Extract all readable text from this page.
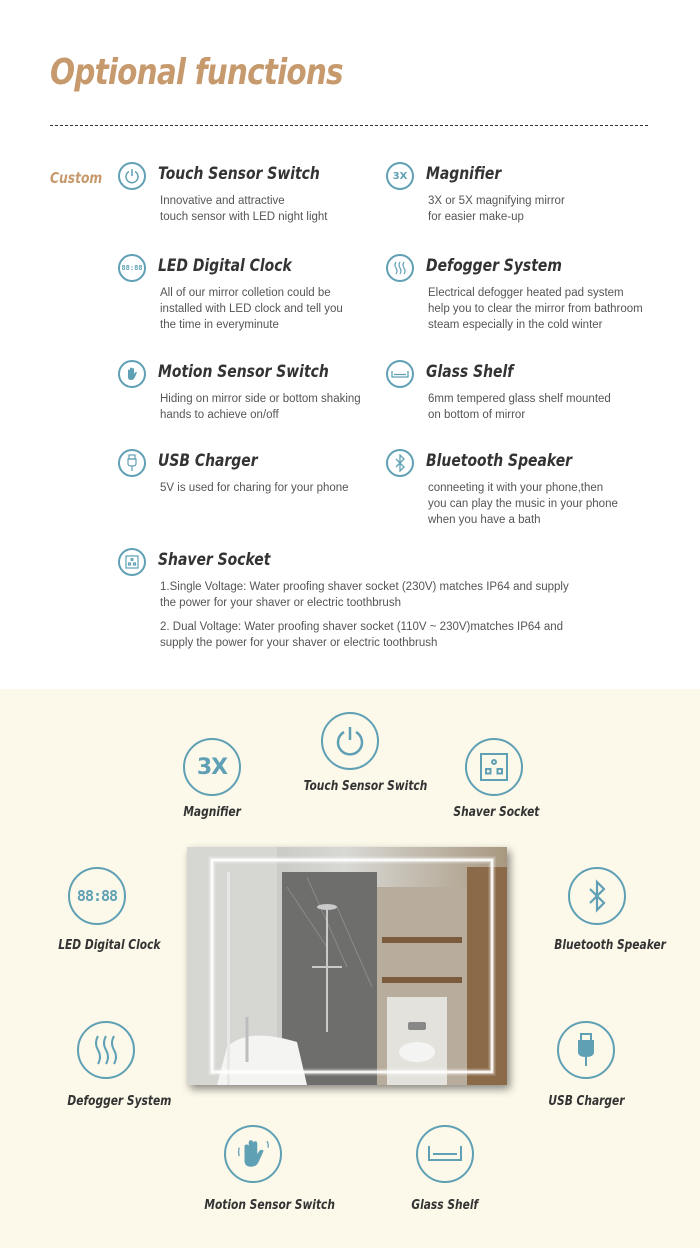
Optional functions
Custom	Touch Sensor Switch
Innovative and attractive
touch sensor with LED night light
3X Magnifier
3X or 5X magnifying mirror
for easier make-up
88:88 LED Digital Clock
All of our mirror colletion could be
installed with LED clock and tell you
the time in everyminute
Defogger System
Electrical defogger heated pad system
help you to clear the mirror from bathroom
steam especially in the cold winter
Motion Sensor Switch
Hiding on mirror side or bottom shaking
hands to achieve on/off
Glass Shelf
6mm tempered glass shelf mounted
on bottom of mirror
USB Charger
5V is used for charing for your phone
Bluetooth Speaker
conneeting it with your phone,then
you can play the music in your phone
when you have a bath
Shaver Socket
1.Single Voltage: Water proofing shaver socket (230V) matches IP64 and supply
the power for your shaver or electric toothbrush
2. Dual Voltage: Water proofing shaver socket (110V ~ 230V)matches IP64 and
supply the power for your shaver or electric toothbrush
3X
Magnifier
Touch Sensor Switch
Shaver Socket
88:88
LED Digital Clock	Bluetooth Speaker
Defogger System	USB Charger
Motion Sensor Switch	Glass Shelf
